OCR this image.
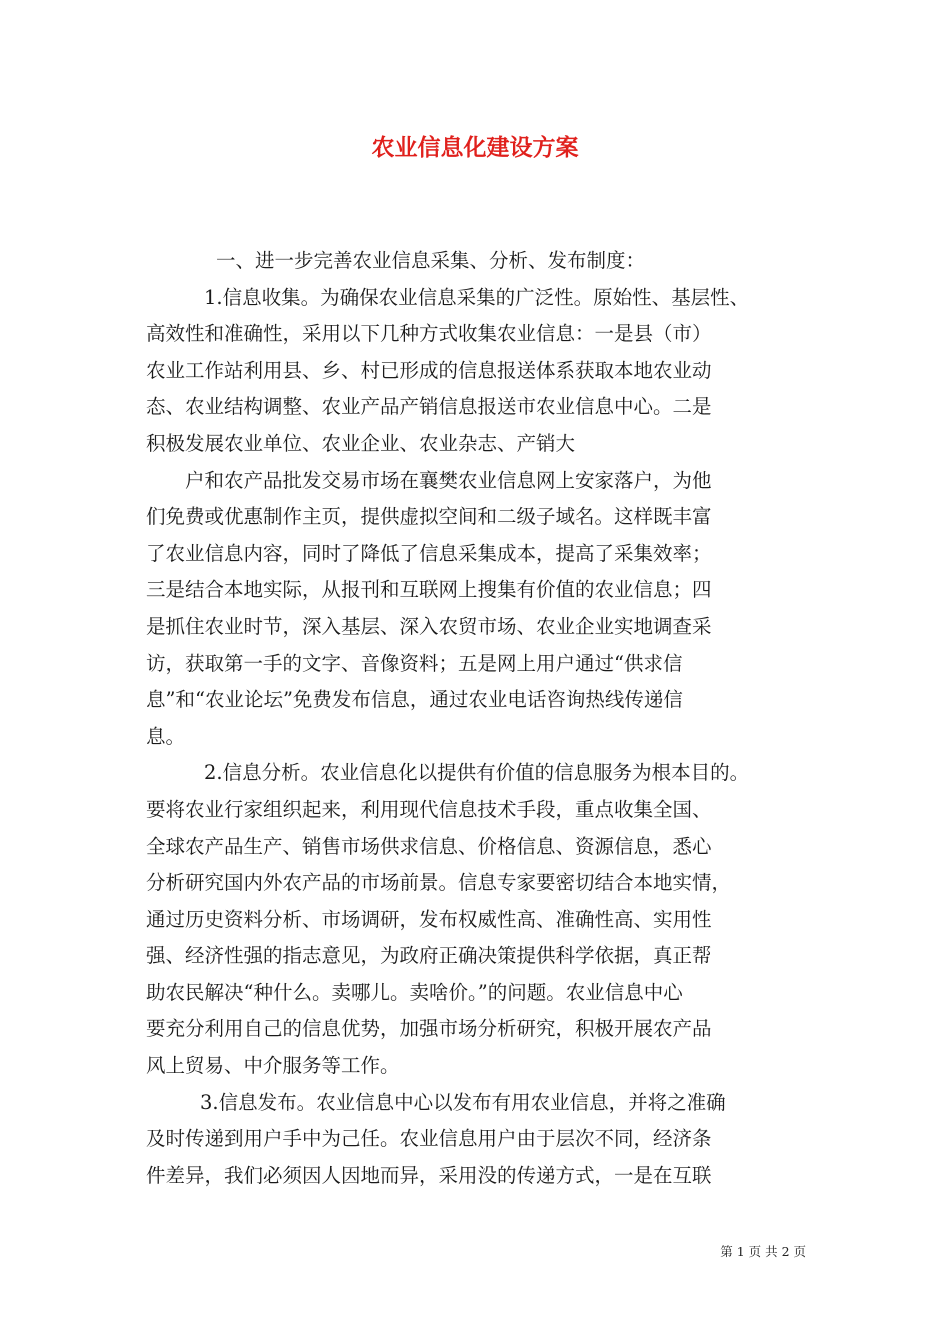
农业信息化建设方案
一、进一步完善农业信息采集、分析、发布制度：
1.信息收集。为确保农业信息采集的广泛性。原始性、基层性、
高效性和准确性，采用以下几种方式收集农业信息：一是县（市）
农业工作站利用县、乡、村已形成的信息报送体系获取本地农业动
态、农业结构调整、农业产品产销信息报送市农业信息中心。二是
积极发展农业单位、农业企业、农业杂志、产销大
户和农产品批发交易市场在襄樊农业信息网上安家落户，为他
们免费或优惠制作主页，提供虚拟空间和二级子域名。这样既丰富
了农业信息内容，同时了降低了信息采集成本，提高了采集效率；
三是结合本地实际，从报刊和互联网上搜集有价值的农业信息；四
是抓住农业时节，深入基层、深入农贸市场、农业企业实地调查采
访，获取第一手的文字、音像资料；五是网上用户通过“供求信
息”和“农业论坛”免费发布信息，通过农业电话咨询热线传递信
息。
2.信息分析。农业信息化以提供有价值的信息服务为根本目的。
要将农业行家组织起来，利用现代信息技术手段，重点收集全国、
全球农产品生产、销售市场供求信息、价格信息、资源信息，悉心
分析研究国内外农产品的市场前景。信息专家要密切结合本地实情，
通过历史资料分析、市场调研，发布权威性高、准确性高、实用性
强、经济性强的指志意见，为政府正确决策提供科学依据，真正帮
助农民解决“种什么。卖哪儿。卖啥价。”的问题。农业信息中心
要充分利用自己的信息优势，加强市场分析研究，积极开展农产品
风上贸易、中介服务等工作。
3.信息发布。农业信息中心以发布有用农业信息，并将之准确
及时传递到用户手中为己任。农业信息用户由于层次不同，经济条
件差异，我们必须因人因地而异，采用没的传递方式，一是在互联
第 1 页 共 2 页
